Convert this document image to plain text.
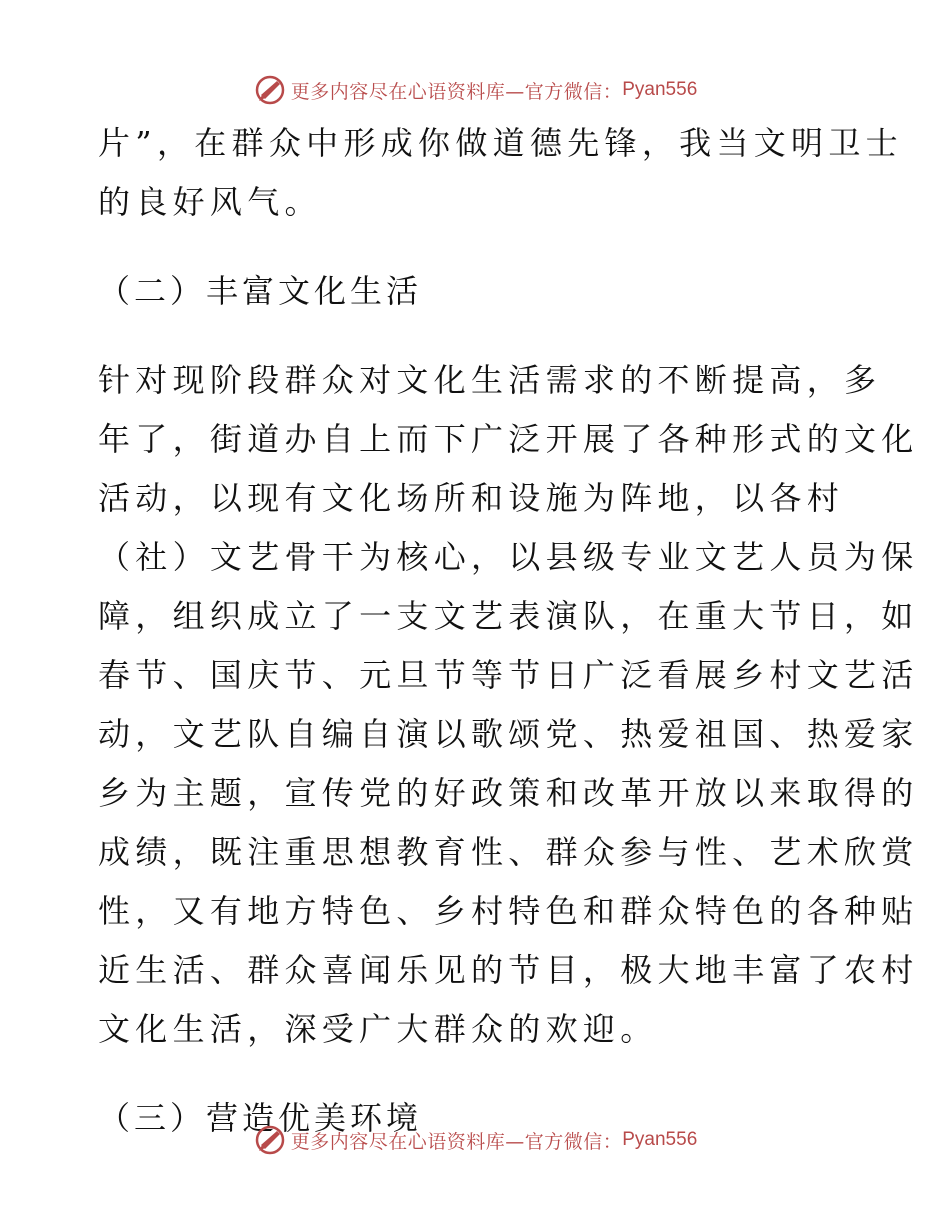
更多内容尽在心语资料库—官方微信： Pyan556
片”，在群众中形成你做道德先锋，我当文明卫士
的良好风气。
（二）丰富文化生活
针对现阶段群众对文化生活需求的不断提高，多
年了，街道办自上而下广泛开展了各种形式的文化
活动，以现有文化场所和设施为阵地，以各村
（社）文艺骨干为核心，以县级专业文艺人员为保
障，组织成立了一支文艺表演队，在重大节日，如
春节、国庆节、元旦节等节日广泛看展乡村文艺活
动，文艺队自编自演以歌颂党、热爱祖国、热爱家
乡为主题，宣传党的好政策和改革开放以来取得的
成绩，既注重思想教育性、群众参与性、艺术欣赏
性，又有地方特色、乡村特色和群众特色的各种贴
近生活、群众喜闻乐见的节目，极大地丰富了农村
文化生活，深受广大群众的欢迎。
（三）营造优美环境
更多内容尽在心语资料库—官方微信： Pyan556
